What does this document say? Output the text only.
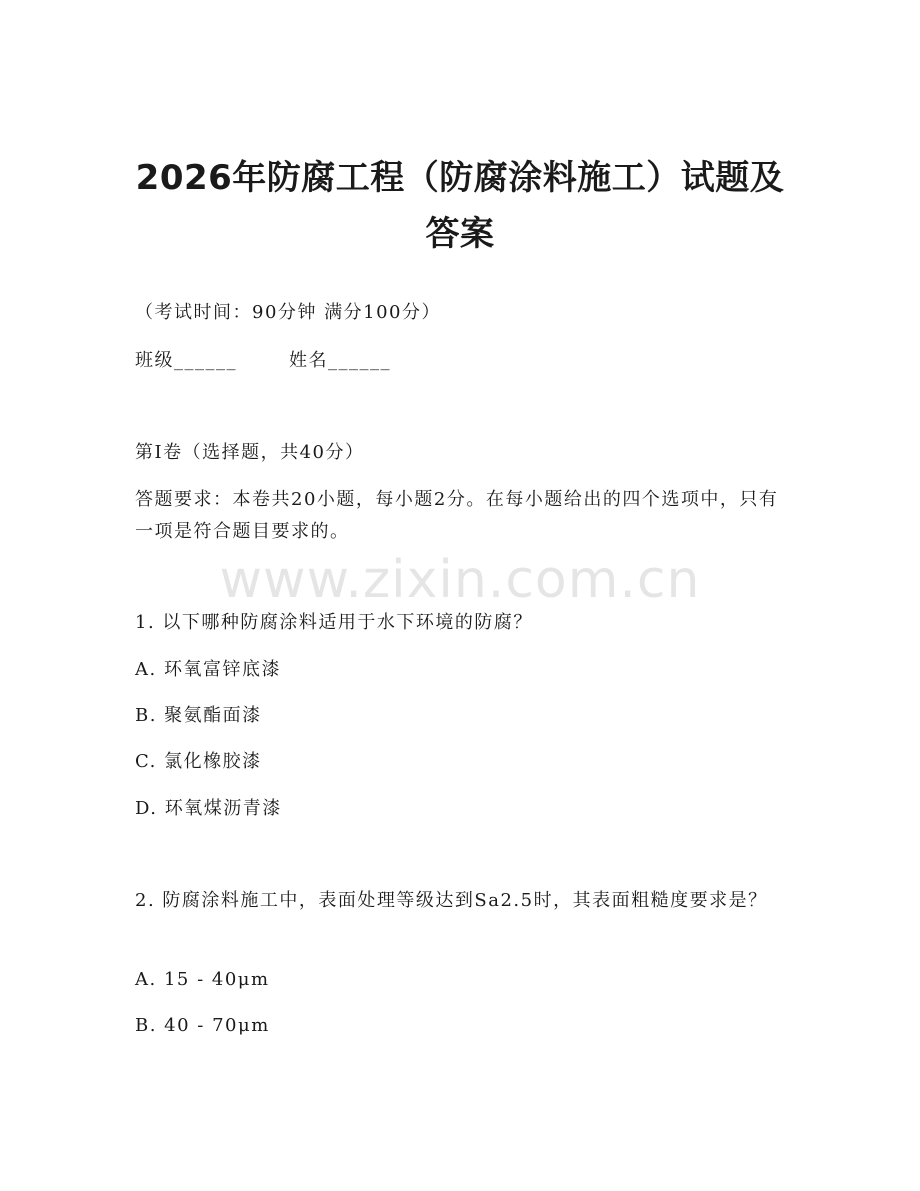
2026年防腐工程（防腐涂料施工）试题及答案
（考试时间：90分钟 满分100分）
班级______	姓名______
第I卷（选择题，共40分）
答题要求：本卷共20小题，每小题2分。在每小题给出的四个选项中，只有一项是符合题目要求的。
1. 以下哪种防腐涂料适用于水下环境的防腐？
A. 环氧富锌底漆
B. 聚氨酯面漆
C. 氯化橡胶漆
D. 环氧煤沥青漆
2. 防腐涂料施工中，表面处理等级达到Sa2.5时，其表面粗糙度要求是？
A. 15 - 40μm
B. 40 - 70μm
www.zixin.com.cn
